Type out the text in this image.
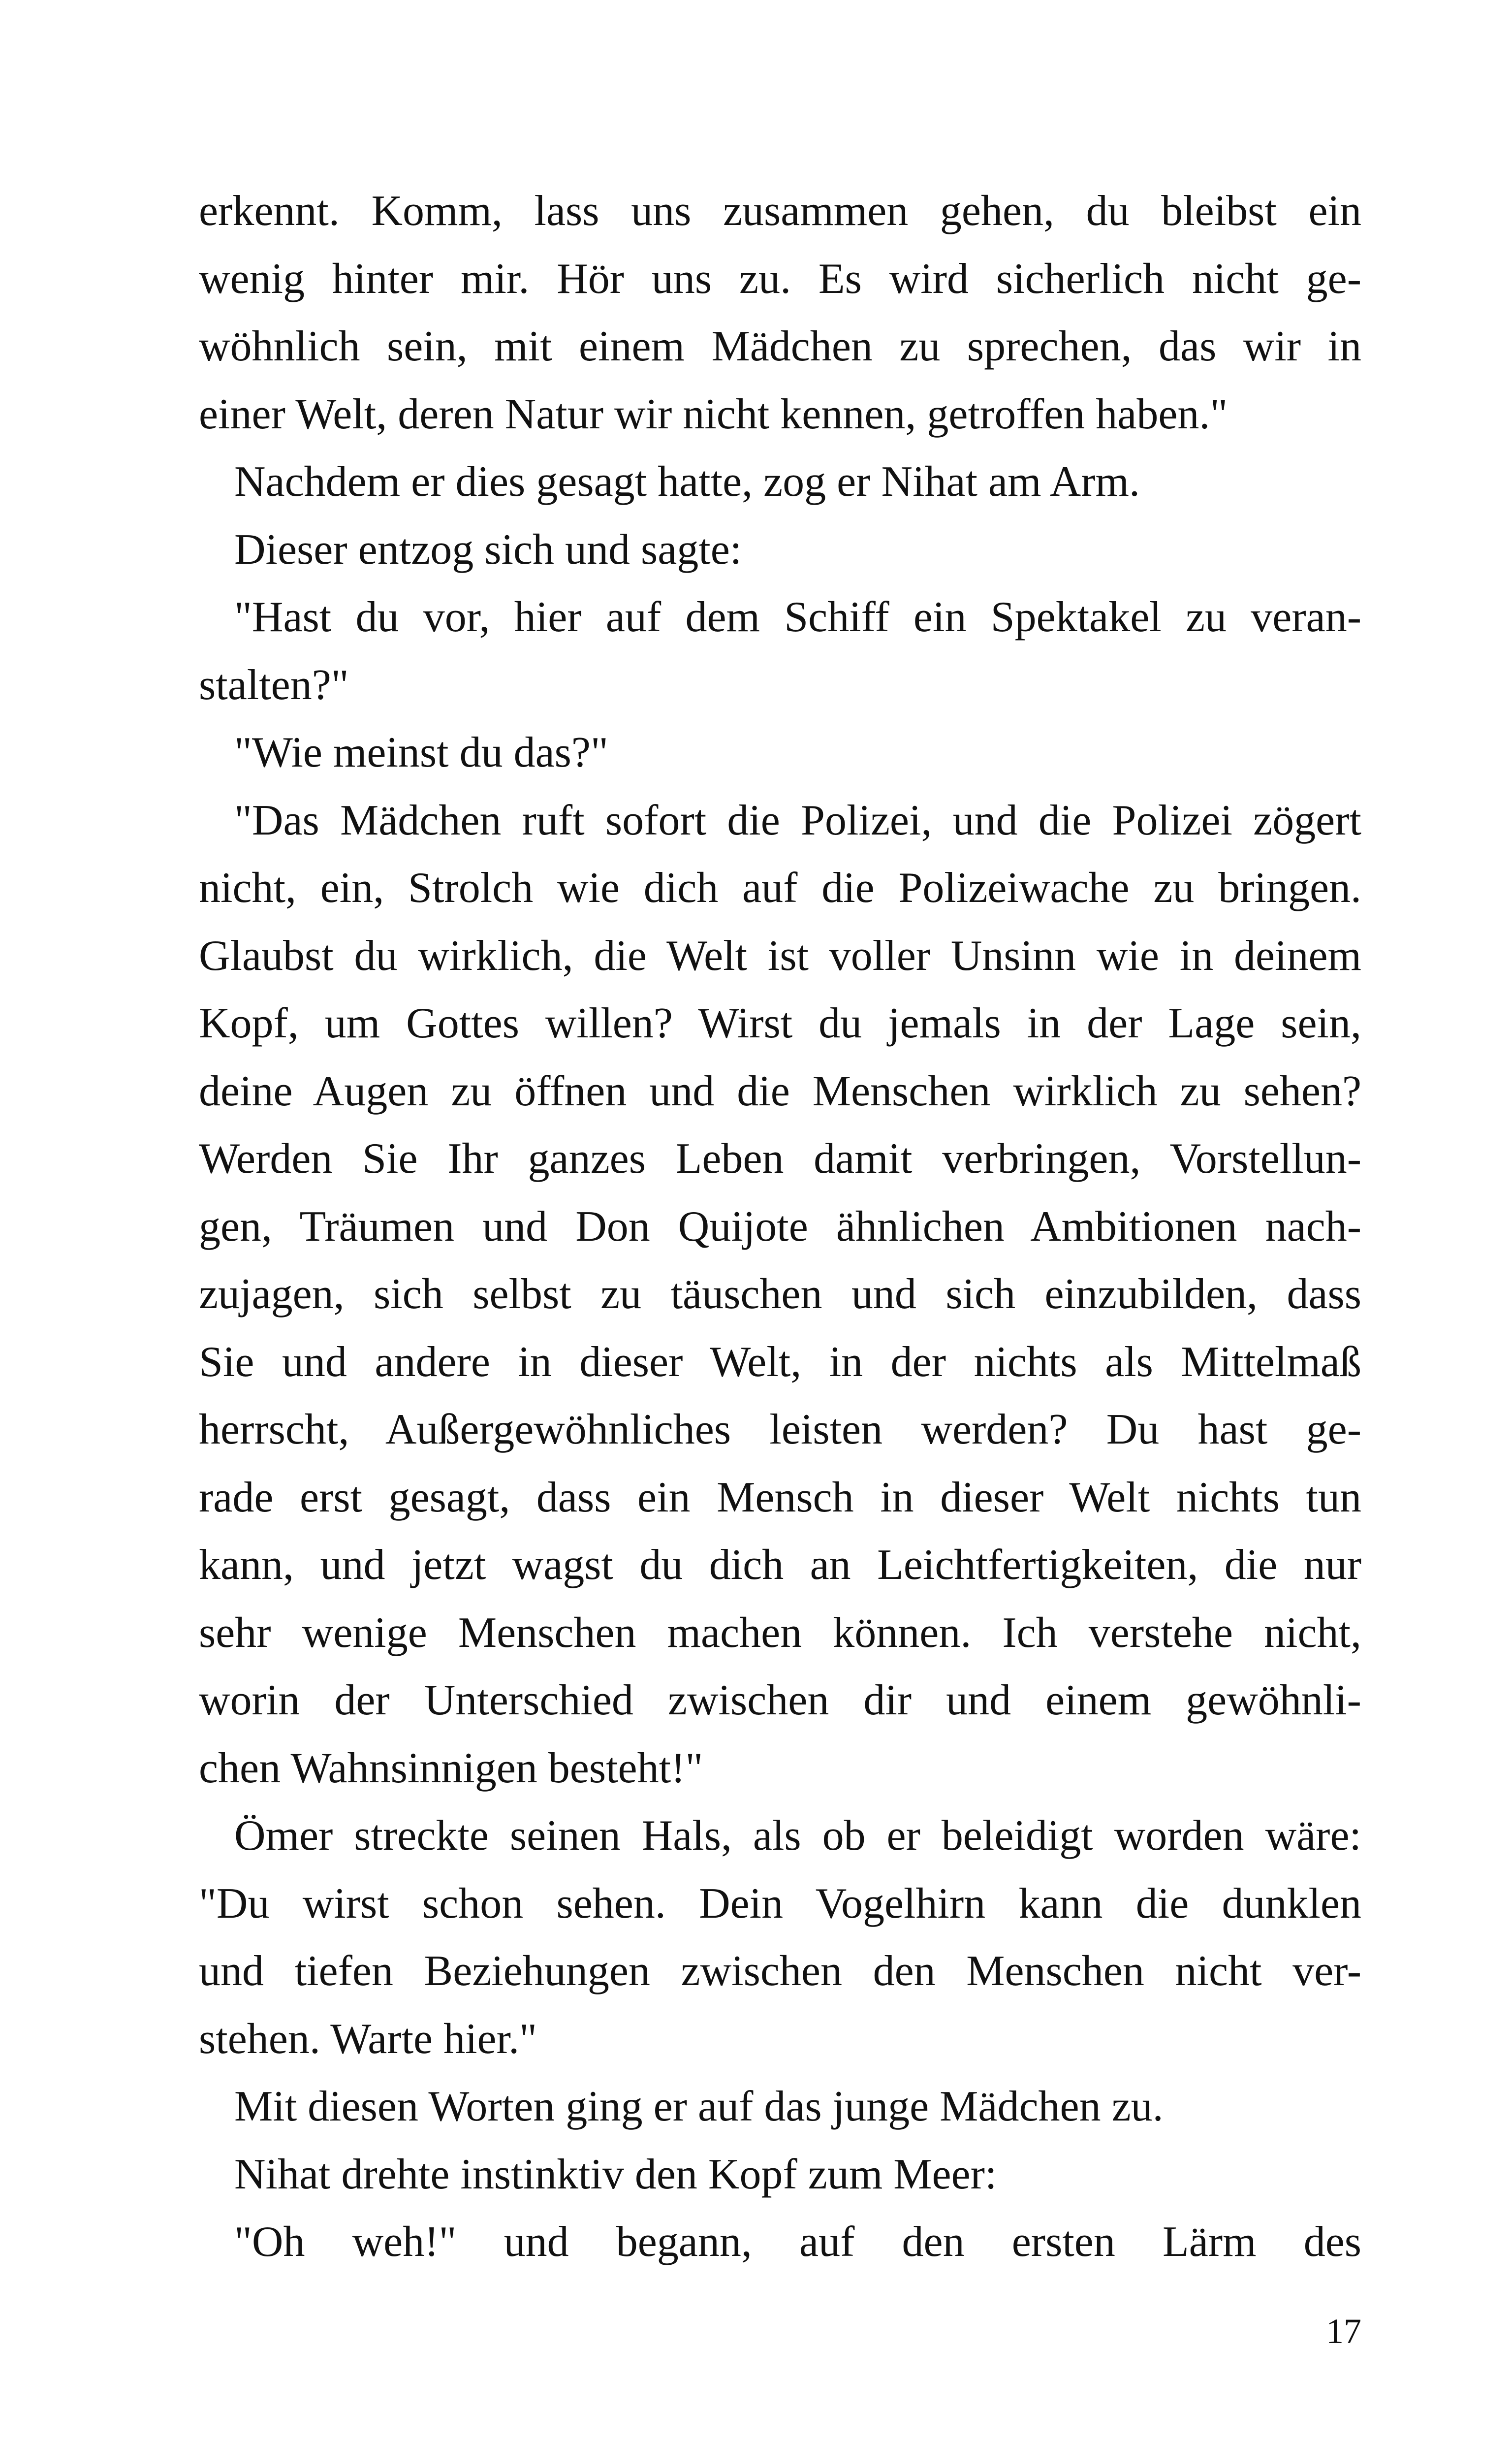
erkennt. Komm, lass uns zusammen gehen, du bleibst ein
wenig hinter mir. Hör uns zu. Es wird sicherlich nicht ge-
wöhnlich sein, mit einem Mädchen zu sprechen, das wir in
einer Welt, deren Natur wir nicht kennen, getroffen haben."
Nachdem er dies gesagt hatte, zog er Nihat am Arm.
Dieser entzog sich und sagte:
"Hast du vor, hier auf dem Schiff ein Spektakel zu veran-
stalten?"
"Wie meinst du das?"
"Das Mädchen ruft sofort die Polizei, und die Polizei zögert
nicht, ein, Strolch wie dich auf die Polizeiwache zu bringen.
Glaubst du wirklich, die Welt ist voller Unsinn wie in deinem
Kopf, um Gottes willen? Wirst du jemals in der Lage sein,
deine Augen zu öffnen und die Menschen wirklich zu sehen?
Werden Sie Ihr ganzes Leben damit verbringen, Vorstellun-
gen, Träumen und Don Quijote ähnlichen Ambitionen nach-
zujagen, sich selbst zu täuschen und sich einzubilden, dass
Sie und andere in dieser Welt, in der nichts als Mittelmaß
herrscht, Außergewöhnliches leisten werden? Du hast ge-
rade erst gesagt, dass ein Mensch in dieser Welt nichts tun
kann, und jetzt wagst du dich an Leichtfertigkeiten, die nur
sehr wenige Menschen machen können. Ich verstehe nicht,
worin der Unterschied zwischen dir und einem gewöhnli-
chen Wahnsinnigen besteht!"
Ömer streckte seinen Hals, als ob er beleidigt worden wäre:
"Du wirst schon sehen. Dein Vogelhirn kann die dunklen
und tiefen Beziehungen zwischen den Menschen nicht ver-
stehen. Warte hier."
Mit diesen Worten ging er auf das junge Mädchen zu.
Nihat drehte instinktiv den Kopf zum Meer:
"Oh weh!" und begann, auf den ersten Lärm des
17
